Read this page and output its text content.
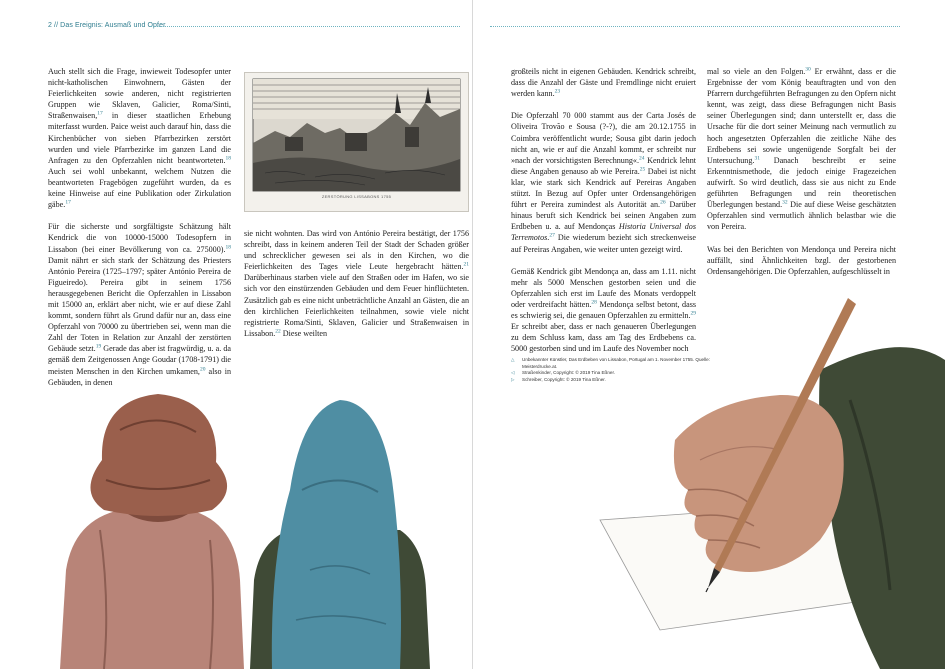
2 // Das Ereignis: Ausmaß und Opfer

Auch stellt sich die Frage, inwieweit Todesopfer unter nicht-katholischen Einwohnern, Gästen der Feierlichkeiten sowie anderen, nicht registrierten Gruppen wie Sklaven, Galicier, Roma/Sinti, Straßenwaisen,$^{17}$ in dieser staatlichen Erhebung miterfasst wurden. Paice weist auch darauf hin, dass die Kirchenbücher von sieben Pfarrbezirken zerstört wurden und viele Pfarrbezirke im ganzen Land die Anfragen zu den Opferzahlen nicht beantworteten.$^{18}$ Auch sei wohl unbekannt, welchem Nutzen die beantworteten Fragebögen zugeführt wurden, da es keine Hinweise auf eine Publikation oder Zirkulation gäbe.$^{17}$

Für die sicherste und sorgfältigste Schätzung hält Kendrick die von 10000-15000 Todesopfern in Lissabon (bei einer Bevölkerung von ca. 275000).$^{18}$ Damit nährt er sich stark der Schätzung des Priesters António Pereira (1725–1797; später António Pereira de Figueiredo). Pereira gibt in seinem 1756 herausgegebenen Bericht die Opferzahlen in Lissabon mit 15000 an, erklärt aber nicht, wie er auf diese Zahl kommt, sondern führt als Grund dafür nur an, dass eine Opferzahl von 70000 zu übertrieben sei, wenn man die Zahl der Toten in Relation zur Anzahl der zerstörten Gebäude setzt.$^{19}$ Gerade das aber ist fragwürdig, u. a. da gemäß dem Zeitgenossen Ange Goudar (1708-1791) die meisten Menschen in den Kirchen umkamen,$^{20}$ also in Gebäuden, in denen

ZERSTÖRUNG LISSABONS 1755

sie nicht wohnten. Das wird von António Pereira bestätigt, der 1756 schreibt, dass in keinem anderen Teil der Stadt der Schaden größer und schrecklicher gewesen sei als in den Kirchen, wo die Feierlichkeiten des Tages viele Leute hergebracht hätten.$^{21}$ Darüberhinaus starben viele auf den Straßen oder im Hafen, wo sie sich vor den einstürzenden Gebäuden und dem Feuer hinflüchteten. Zusätzlich gab es eine nicht unbeträchtliche Anzahl an Gästen, die an den kirchlichen Feierlichkeiten teilnahmen, sowie viele nicht registrierte Roma/Sinti, Sklaven, Galicier und Straßenwaisen in Lissabon.$^{22}$ Diese weilten

großteils nicht in eigenen Gebäuden. Kendrick schreibt, dass die Anzahl der Gäste und Fremdlinge nicht eruiert werden kann.$^{23}$

Die Opferzahl 70 000 stammt aus der Carta Josés de Oliveira Trovão e Sousa (?-?), die am 20.12.1755 in Coimbra veröffentlicht wurde; Sousa gibt darin jedoch nicht an, wie er auf die Anzahl kommt, er schreibt nur »nach der vorsichtigsten Berechnung«.$^{24}$ Kendrick lehnt diese Angaben genauso ab wie Pereira.$^{25}$ Dabei ist nicht klar, wie stark sich Kendrick auf Pereiras Angaben stützt. In Bezug auf Opfer unter Ordensangehörigen führt er Pereira zumindest als Autorität an.$^{26}$ Darüber hinaus beruft sich Kendrick bei seinen Angaben zum Erdbeben u. a. auf Mendonças Historia Universal dos Terremotos.$^{27}$ Die wiederum bezieht sich streckenweise auf Pereiras Angaben, wie weiter unten gezeigt wird.

Gemäß Kendrick gibt Mendonça an, dass am 1.11. nicht mehr als 5000 Menschen gestorben seien und die Opferzahlen sich erst im Laufe des Monats verdoppelt oder verdreifacht hätten.$^{28}$ Mendonça selbst betont, dass es schwierig sei, die genauen Opferzahlen zu ermitteln.$^{29}$ Er schreibt aber, dass er nach genaueren Überlegungen zu dem Schluss kam, dass am Tag des Erdbebens ca. 5000 gestorben sind und im Laufe des November noch

mal so viele an den Folgen.$^{30}$ Er erwähnt, dass er die Ergebnisse der vom König beauftragten und von den Pfarrern durchgeführten Befragungen zu den Opfern nicht kennt, was zeigt, dass diese Befragungen nicht Basis seiner Überlegungen sind; dann unterstellt er, dass die Ursache für die dort seiner Meinung nach vermutlich zu hoch angesetzten Opferzahlen die zeitliche Nähe des Erdbebens sei sowie ungenügende Sorgfalt bei der Untersuchung.$^{31}$ Danach beschreibt er seine Erkenntnismethode, die jedoch einige Fragezeichen aufwirft. So wird deutlich, dass sie aus nicht zu Ende geführten Befragungen und rein theoretischen Überlegungen bestand.$^{32}$ Die auf diese Weise geschätzten Opferzahlen sind vermutlich ähnlich belastbar wie die von Pereira.

Was bei den Berichten von Mendonça und Pereira nicht auffällt, sind Ähnlichkeiten bzgl. der gestorbenen Ordensangehörigen. Die Opferzahlen, aufgeschlüsselt in

△	Unbekannter Künstler, Das Erdbeben von Lissabon, Portugal am 1. November 1755. Quelle: Meisterdrucke.at.
◁	Straßenkinder, Copyright: © 2019 Tina Eßner.
▷	Schreiber, Copyright: © 2019 Tina Eßner.
